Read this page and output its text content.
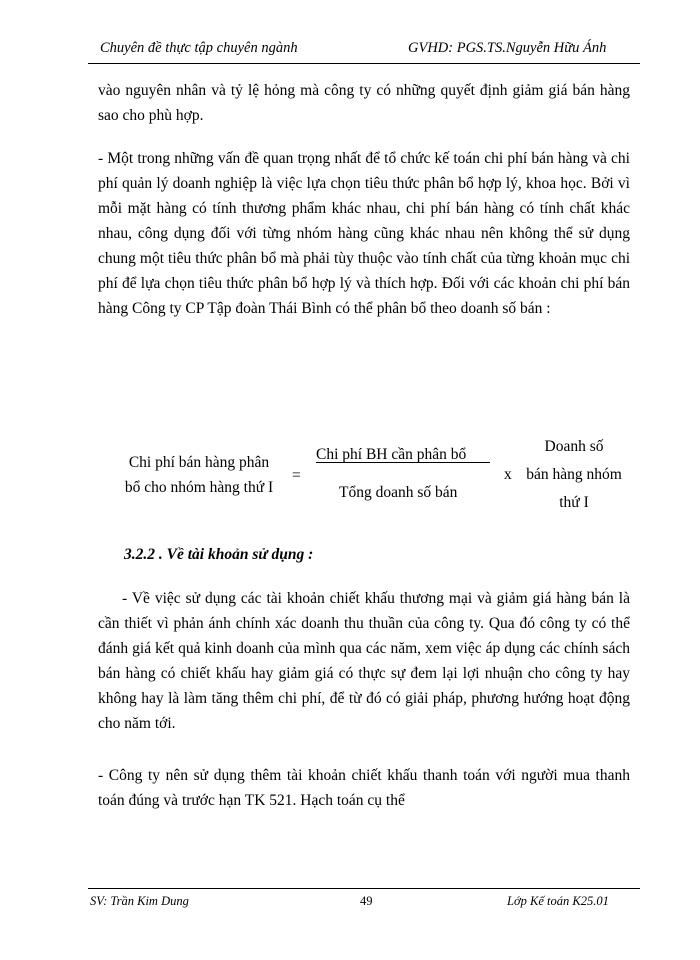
Chuyên đề thực tập chuyên ngành	GVHD: PGS.TS.Nguyễn Hữu Ánh

vào nguyên nhân và tỷ lệ hỏng mà công ty có những quyết định giảm giá bán hàng sao cho phù hợp.

- Một trong những vấn đề quan trọng nhất để tổ chức kế toán chi phí bán hàng và chi phí quản lý doanh nghiệp là việc lựa chọn tiêu thức phân bổ hợp lý, khoa học. Bởi vì mỗi mặt hàng có tính thương phẩm khác nhau, chi phí bán hàng có tính chất khác nhau, công dụng đối với từng nhóm hàng cũng khác nhau nên không thể sử dụng chung một tiêu thức phân bổ mà phải tùy thuộc vào tính chất của từng khoản mục chi phí để lựa chọn tiêu thức phân bổ hợp lý và thích hợp. Đối với các khoản chi phí bán hàng Công ty CP Tập đoàn Thái Bình có thể phân bổ theo doanh số bán :

Chi phí bán hàng phân
bổ cho nhóm hàng thứ I
=
Chi phí BH cần phân bổ
Tổng doanh số bán
x
Doanh số
bán hàng nhóm
thứ I
3.2.2 . Về tài khoản sử dụng :

- Về việc sử dụng các tài khoản chiết khấu thương mại và giảm giá hàng bán là cần thiết vì phản ánh chính xác doanh thu thuần của công ty. Qua đó công ty có thể đánh giá kết quả kinh doanh của mình qua các năm, xem việc áp dụng các chính sách bán hàng có chiết khấu hay giảm giá có thực sự đem lại lợi nhuận cho công ty hay không hay là làm tăng thêm chi phí, để từ đó có giải pháp, phương hướng hoạt động cho năm tới.

- Công ty nên sử dụng thêm tài khoản chiết khấu thanh toán với người mua thanh toán đúng và trước hạn TK 521. Hạch toán cụ thể

SV: Trần Kim Dung	49	Lớp Kế toán K25.01
